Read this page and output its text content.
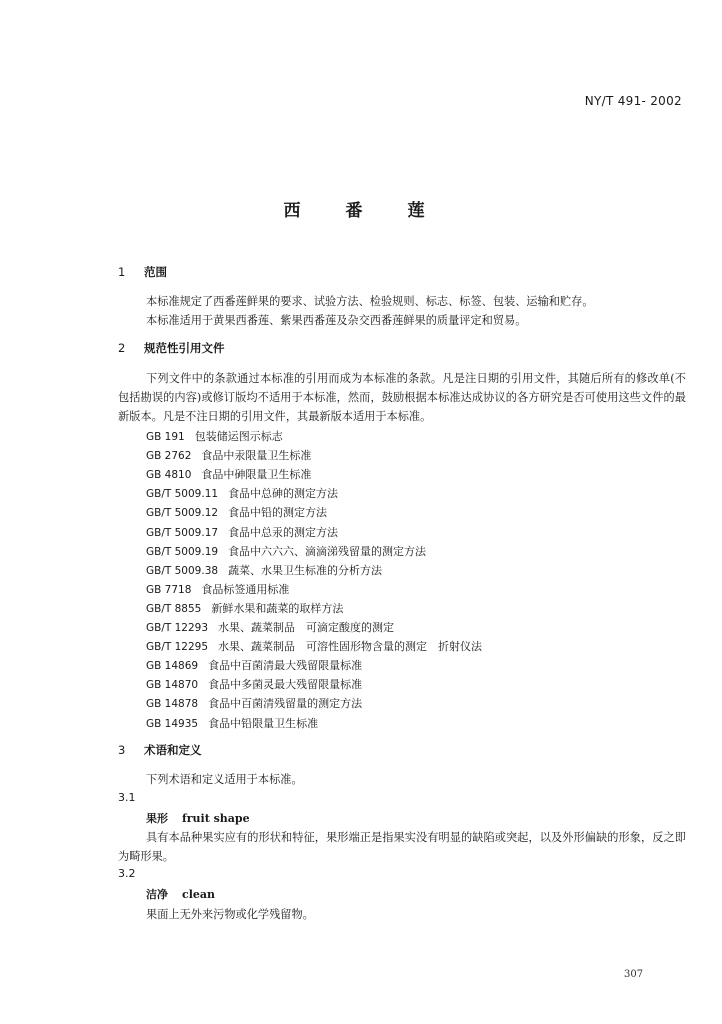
NY/T 491- 2002
西　番　莲
1 范围
本标准规定了西番莲鲜果的要求、试验方法、检验规则、标志、标签、包装、运输和贮存。
本标准适用于黄果西番莲、紫果西番莲及杂交西番莲鲜果的质量评定和贸易。
2 规范性引用文件
下列文件中的条款通过本标准的引用而成为本标准的条款。凡是注日期的引用文件，其随后所有的修改单(不包括勘误的内容)或修订版均不适用于本标准，然而，鼓励根据本标准达成协议的各方研究是否可使用这些文件的最新版本。凡是不注日期的引用文件，其最新版本适用于本标准。
GB 191 包装储运图示标志
GB 2762 食品中汞限量卫生标准
GB 4810 食品中砷限量卫生标准
GB/T 5009.11 食品中总砷的测定方法
GB/T 5009.12 食品中铅的测定方法
GB/T 5009.17 食品中总汞的测定方法
GB/T 5009.19 食品中六六六、滴滴涕残留量的测定方法
GB/T 5009.38 蔬菜、水果卫生标准的分析方法
GB 7718 食品标签通用标准
GB/T 8855 新鲜水果和蔬菜的取样方法
GB/T 12293 水果、蔬菜制品　可滴定酸度的测定
GB/T 12295 水果、蔬菜制品　可溶性固形物含量的测定　折射仪法
GB 14869 食品中百菌清最大残留限量标准
GB 14870 食品中多菌灵最大残留限量标准
GB 14878 食品中百菌清残留量的测定方法
GB 14935 食品中铅限量卫生标准
3 术语和定义
下列术语和定义适用于本标准。
3.1
果形 fruit shape
具有本品种果实应有的形状和特征，果形端正是指果实没有明显的缺陷或突起，以及外形偏缺的形象，反之即为畸形果。
3.2
洁净 clean
果面上无外来污物或化学残留物。
307
